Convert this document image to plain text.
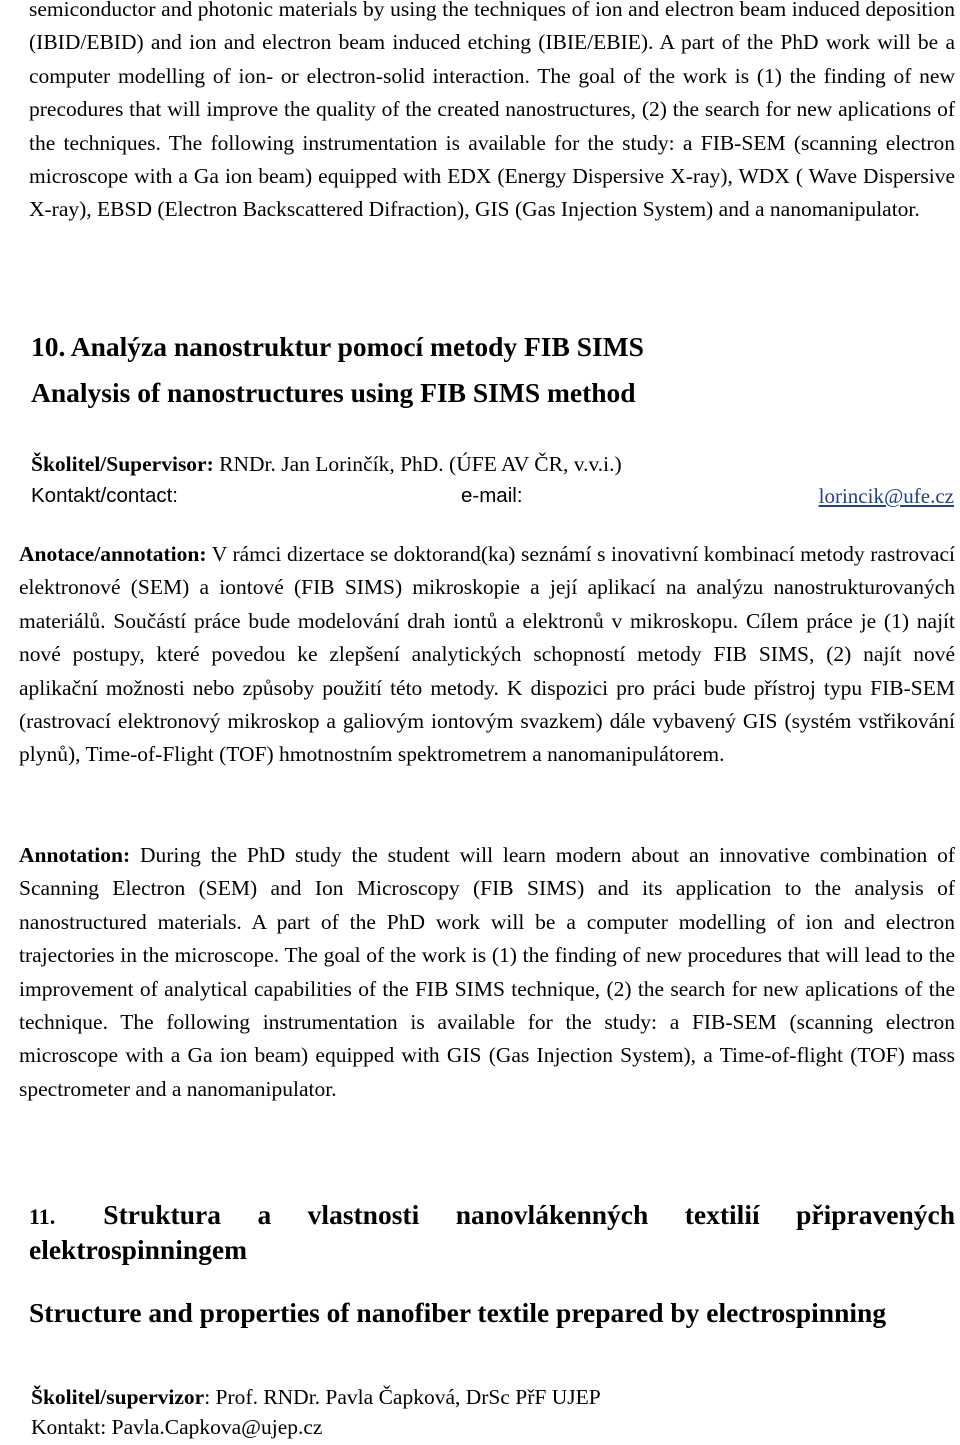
semiconductor and photonic materials by using the techniques of ion and electron beam induced deposition (IBID/EBID) and ion and electron beam induced etching (IBIE/EBIE). A part of the PhD work will be a computer modelling of ion- or electron-solid interaction. The goal of the work is (1) the finding of new precodures that will improve the quality of the created nanostructures, (2) the search for new aplications of the techniques. The following instrumentation is available for the study: a FIB-SEM (scanning electron microscope with a Ga ion beam) equipped with EDX (Energy Dispersive X-ray), WDX ( Wave Dispersive X-ray), EBSD (Electron Backscattered Difraction), GIS (Gas Injection System) and a nanomanipulator.

10. Analýza nanostruktur pomocí metody FIB SIMS
Analysis of nanostructures using FIB SIMS method
Školitel/Supervisor: RNDr. Jan Lorinčík, PhD. (ÚFE AV ČR, v.v.i.)
Kontakt/contact:	e-mail:	lorincik@ufe.cz

Anotace/annotation: V rámci dizertace se doktorand(ka) seznámí s inovativní kombinací metody rastrovací elektronové (SEM) a iontové (FIB SIMS) mikroskopie a její aplikací na analýzu nanostrukturovaných materiálů. Součástí práce bude modelování drah iontů a elektronů v mikroskopu. Cílem práce je (1) najít nové postupy, které povedou ke zlepšení analytických schopností metody FIB SIMS, (2) najít nové aplikační možnosti nebo způsoby použití této metody. K dispozici pro práci bude přístroj typu FIB-SEM (rastrovací elektronový mikroskop a galiovým iontovým svazkem) dále vybavený GIS (systém vstřikování plynů), Time-of-Flight (TOF) hmotnostním spektrometrem a nanomanipulátorem.

Annotation: During the PhD study the student will learn modern about an innovative combination of Scanning Electron (SEM) and Ion Microscopy (FIB SIMS) and its application to the analysis of nanostructured materials. A part of the PhD work will be a computer modelling of ion and electron trajectories in the microscope. The goal of the work is (1) the finding of new procedures that will lead to the improvement of analytical capabilities of the FIB SIMS technique, (2) the search for new aplications of the technique. The following instrumentation is available for the study: a FIB-SEM (scanning electron microscope with a Ga ion beam) equipped with GIS (Gas Injection System), a Time-of-flight (TOF) mass spectrometer and a nanomanipulator.

11. Struktura a vlastnosti nanovlákenných textilií připravených elektrospinningem
Structure and properties of nanofiber textile prepared by electrospinning
Školitel/supervizor: Prof. RNDr. Pavla Čapková, DrSc PřF UJEP
Kontakt: Pavla.Capkova@ujep.cz
